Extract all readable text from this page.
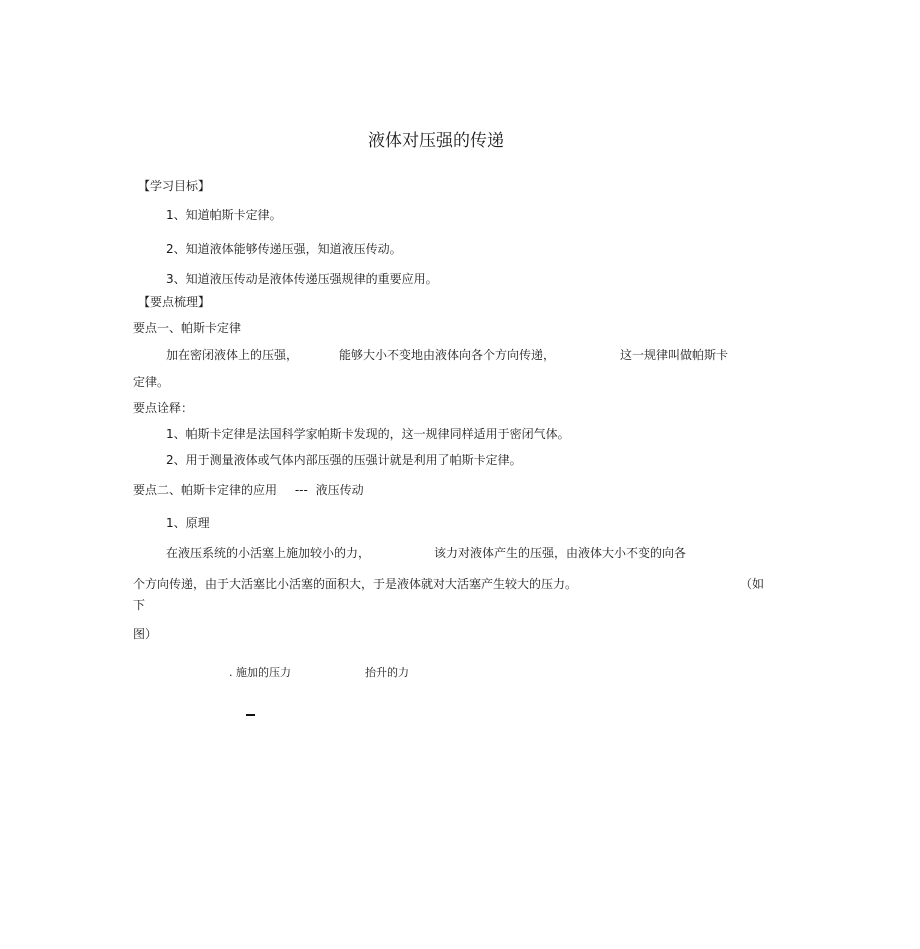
液体对压强的传递
【学习目标】
1、知道帕斯卡定律。
2、知道液体能够传递压强，知道液压传动。
3、知道液压传动是液体传递压强规律的重要应用。
【要点梳理】
要点一、帕斯卡定律
加在密闭液体上的压强，	能够大小不变地由液体向各个方向传递，	这一规律叫做帕斯卡
定律。
要点诠释：
1、帕斯卡定律是法国科学家帕斯卡发现的，这一规律同样适用于密闭气体。
2、用于测量液体或气体内部压强的压强计就是利用了帕斯卡定律。
要点二、帕斯卡定律的应用 --- 液压传动
1、原理
在液压系统的小活塞上施加较小的力，	该力对液体产生的压强，由液体大小不变的向各
个方向传递，由于大活塞比小活塞的面积大，于是液体就对大活塞产生较大的压力。	（如
下
图）
. 施加的压力	抬升的力
